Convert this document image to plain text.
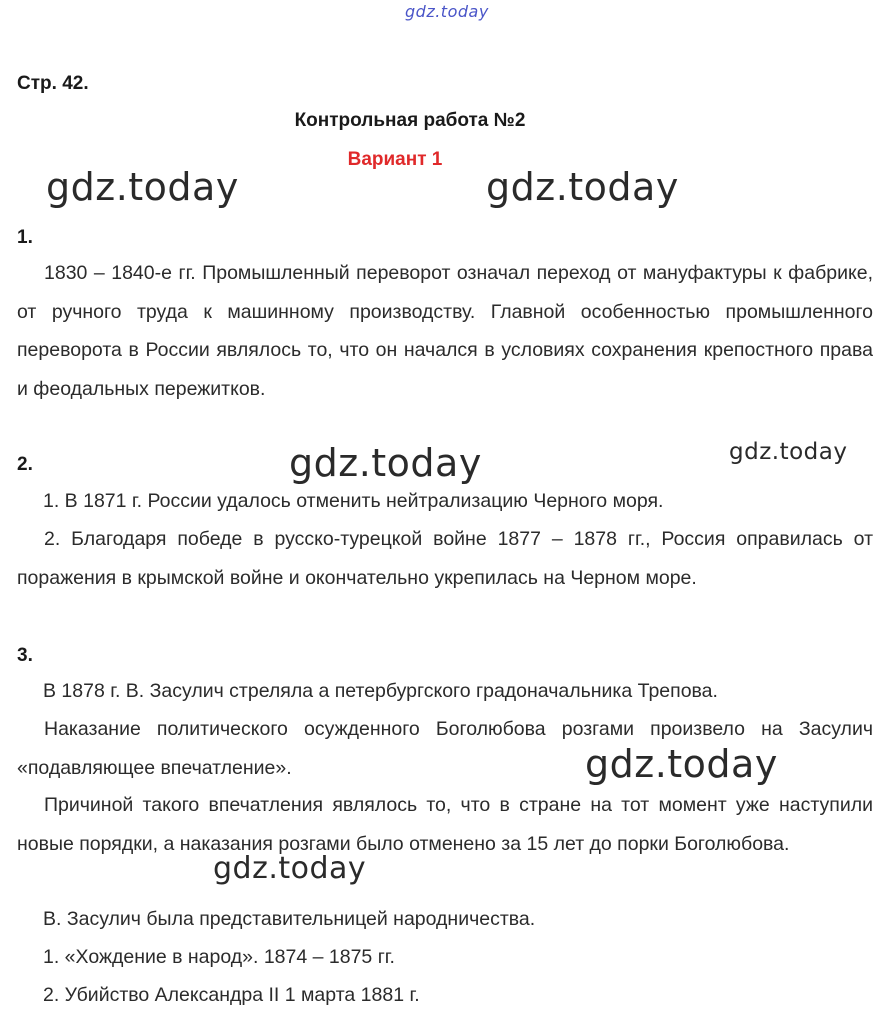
gdz.today
gdz.today	gdz.today
gdz.today	gdz.today
gdz.today
gdz.today
Стр. 42.
Контрольная работа №2
Вариант 1
1.
1830 – 1840-е гг. Промышленный переворот означал переход от мануфактуры к фабрике, от ручного труда к машинному производству. Главной особенностью промышленного переворота в России являлось то, что он начался в условиях сохранения крепостного права и феодальных пережитков.
2.
1. В 1871 г. России удалось отменить нейтрализацию Черного моря.
2. Благодаря победе в русско-турецкой войне 1877 – 1878 гг., Россия оправилась от поражения в крымской войне и окончательно укрепилась на Черном море.
3.
В 1878 г. В. Засулич стреляла а петербургского градоначальника Трепова.
Наказание политического осужденного Боголюбова розгами произвело на Засулич «подавляющее впечатление».
Причиной такого впечатления являлось то, что в стране на тот момент уже наступили новые порядки, а наказания розгами было отменено за 15 лет до порки Боголюбова.
В. Засулич была представительницей народничества.
1. «Хождение в народ». 1874 – 1875 гг.
2. Убийство Александра II 1 марта 1881 г.
